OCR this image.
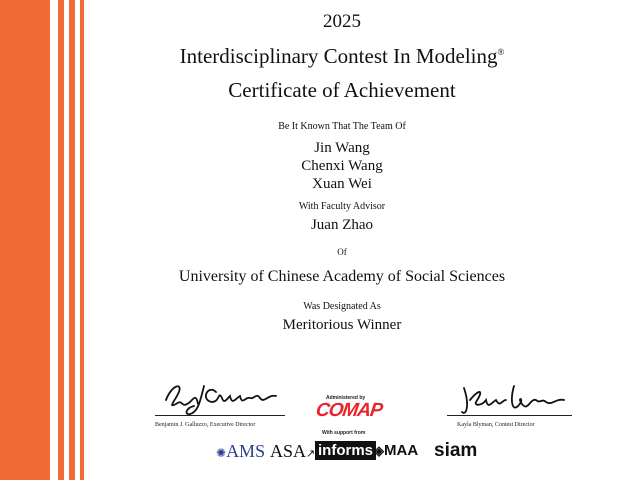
2025
Interdisciplinary Contest In Modeling®
Certificate of Achievement
Be It Known That The Team Of
Jin Wang
Chenxi Wang
Xuan Wei
With Faculty Advisor
Juan Zhao
Of
University of Chinese Academy of Social Sciences
Was Designated As
Meritorious Winner
Benjamin J. Galluzzo, Executive Director
Administered by
COMAP
With support from
Kayla Blyman, Contest Director
✺AMS ASA↗ informs ◈MAA siam
